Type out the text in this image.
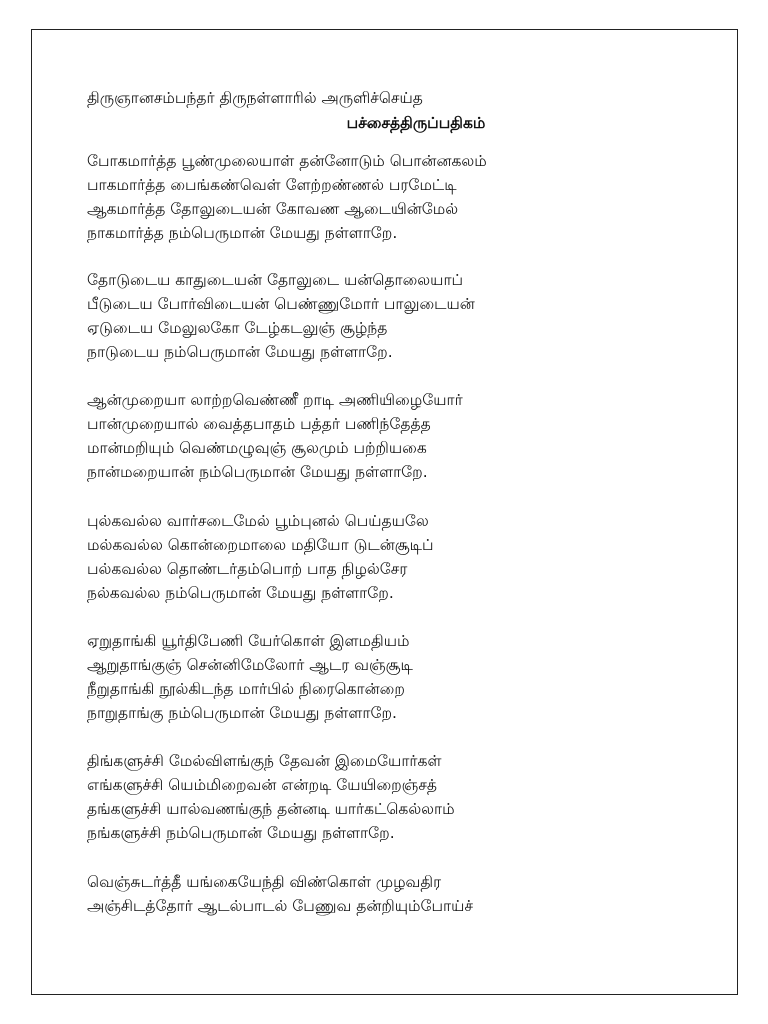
திருஞானசம்பந்தர் திருநள்ளாரில் அருளிச்செய்த
பச்சைத்திருப்பதிகம்
போகமார்த்த பூண்முலையாள் தன்னோடும் பொன்னகலம்
பாகமார்த்த பைங்கண்வெள் ளேற்றண்ணல் பரமேட்டி
ஆகமார்த்த தோலுடையன் கோவண ஆடையின்மேல்
நாகமார்த்த நம்பெருமான் மேயது நள்ளாறே.
தோடுடைய காதுடையன் தோலுடை யன்தொலையாப்
பீடுடைய போர்விடையன் பெண்ணுமோர் பாலுடையன்
ஏடுடைய மேலுலகோ டேழ்கடலுஞ் சூழ்ந்த
நாடுடைய நம்பெருமான் மேயது நள்ளாறே.
ஆன்முறையா லாற்றவெண்ணீ றாடி அணியிழையோர்
பான்முறையால் வைத்தபாதம் பத்தர் பணிந்தேத்த
மான்மறியும் வெண்மழுவுஞ் சூலமும் பற்றியகை
நான்மறையான் நம்பெருமான் மேயது நள்ளாறே.
புல்கவல்ல வார்சடைமேல் பூம்புனல் பெய்தயலே
மல்கவல்ல கொன்றைமாலை மதியோ டுடன்சூடிப்
பல்கவல்ல தொண்டர்தம்பொற் பாத நிழல்சேர
நல்கவல்ல நம்பெருமான் மேயது நள்ளாறே.
ஏறுதாங்கி யூர்திபேணி யேர்கொள் இளமதியம்
ஆறுதாங்குஞ் சென்னிமேலோர் ஆடர வஞ்சூடி
நீறுதாங்கி நூல்கிடந்த மார்பில் நிரைகொன்றை
நாறுதாங்கு நம்பெருமான் மேயது நள்ளாறே.
திங்களுச்சி மேல்விளங்குந் தேவன் இமையோர்கள்
எங்களுச்சி யெம்மிறைவன் என்றடி யேயிறைஞ்சத்
தங்களுச்சி யால்வணங்குந் தன்னடி யார்கட்கெல்லாம்
நங்களுச்சி நம்பெருமான் மேயது நள்ளாறே.
வெஞ்சுடர்த்தீ யங்கையேந்தி விண்கொள் முழவதிர
அஞ்சிடத்தோர் ஆடல்பாடல் பேணுவ தன்றியும்போய்ச்
